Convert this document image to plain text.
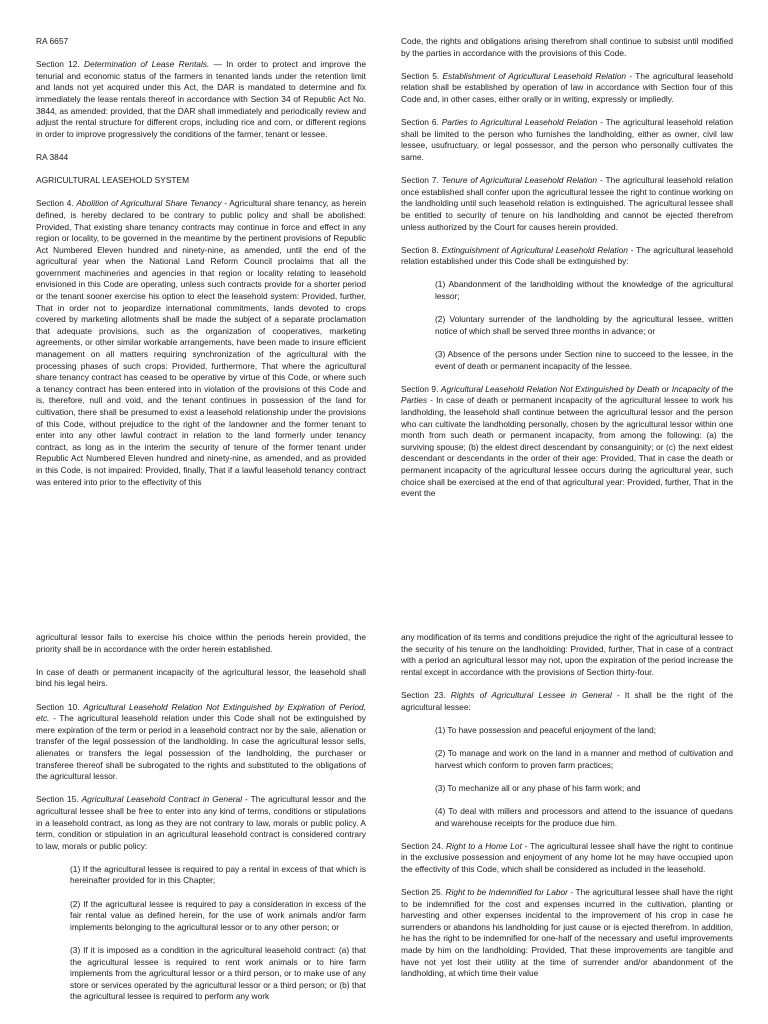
RA 6657
Section 12. Determination of Lease Rentals. — In order to protect and improve the tenurial and economic status of the farmers in tenanted lands under the retention limit and lands not yet acquired under this Act, the DAR is mandated to determine and fix immediately the lease rentals thereof in accordance with Section 34 of Republic Act No. 3844, as amended: provided, that the DAR shall immediately and periodically review and adjust the rental structure for different crops, including rice and corn, or different regions in order to improve progressively the conditions of the farmer, tenant or lessee.
RA 3844
AGRICULTURAL LEASEHOLD SYSTEM
Section 4. Abolition of Agricultural Share Tenancy - Agricultural share tenancy, as herein defined, is hereby declared to be contrary to public policy and shall be abolished: Provided, That existing share tenancy contracts may continue in force and effect in any region or locality, to be governed in the meantime by the pertinent provisions of Republic Act Numbered Eleven hundred and ninety-nine, as amended, until the end of the agricultural year when the National Land Reform Council proclaims that all the government machineries and agencies in that region or locality relating to leasehold envisioned in this Code are operating, unless such contracts provide for a shorter period or the tenant sooner exercise his option to elect the leasehold system: Provided, further, That in order not to jeopardize international commitments, lands devoted to crops covered by marketing allotments shall be made the subject of a separate proclamation that adequate provisions, such as the organization of cooperatives, marketing agreements, or other similar workable arrangements, have been made to insure efficient management on all matters requiring synchronization of the agricultural with the processing phases of such crops: Provided, furthermore, That where the agricultural share tenancy contract has ceased to be operative by virtue of this Code, or where such a tenancy contract has been entered into in violation of the provisions of this Code and is, therefore, null and void, and the tenant continues in possession of the land for cultivation, there shall be presumed to exist a leasehold relationship under the provisions of this Code, without prejudice to the right of the landowner and the former tenant to enter into any other lawful contract in relation to the land formerly under tenancy contract, as long as in the interim the security of tenure of the former tenant under Republic Act Numbered Eleven hundred and ninety-nine, as amended, and as provided in this Code, is not impaired: Provided, finally, That if a lawful leasehold tenancy contract was entered into prior to the effectivity of this
Code, the rights and obligations arising therefrom shall continue to subsist until modified by the parties in accordance with the provisions of this Code.
Section 5. Establishment of Agricultural Leasehold Relation - The agricultural leasehold relation shall be established by operation of law in accordance with Section four of this Code and, in other cases, either orally or in writing, expressly or impliedly.
Section 6. Parties to Agricultural Leasehold Relation - The agricultural leasehold relation shall be limited to the person who furnishes the landholding, either as owner, civil law lessee, usufructuary, or legal possessor, and the person who personally cultivates the same.
Section 7. Tenure of Agricultural Leasehold Relation - The agricultural leasehold relation once established shall confer upon the agricultural lessee the right to continue working on the landholding until such leasehold relation is extinguished. The agricultural lessee shall be entitled to security of tenure on his landholding and cannot be ejected therefrom unless authorized by the Court for causes herein provided.
Section 8. Extinguishment of Agricultural Leasehold Relation - The agricultural leasehold relation established under this Code shall be extinguished by:
(1) Abandonment of the landholding without the knowledge of the agricultural lessor;
(2) Voluntary surrender of the landholding by the agricultural lessee, written notice of which shall be served three months in advance; or
(3) Absence of the persons under Section nine to succeed to the lessee, in the event of death or permanent incapacity of the lessee.
Section 9. Agricultural Leasehold Relation Not Extinguished by Death or Incapacity of the Parties - In case of death or permanent incapacity of the agricultural lessee to work his landholding, the leasehold shall continue between the agricultural lessor and the person who can cultivate the landholding personally, chosen by the agricultural lessor within one month from such death or permanent incapacity, from among the following: (a) the surviving spouse; (b) the eldest direct descendant by consanguinity; or (c) the next eldest descendant or descendants in the order of their age: Provided, That in case the death or permanent incapacity of the agricultural lessee occurs during the agricultural year, such choice shall be exercised at the end of that agricultural year: Provided, further, That in the event the
agricultural lessor fails to exercise his choice within the periods herein provided, the priority shall be in accordance with the order herein established.
In case of death or permanent incapacity of the agricultural lessor, the leasehold shall bind his legal heirs.
Section 10. Agricultural Leasehold Relation Not Extinguished by Expiration of Period, etc. - The agricultural leasehold relation under this Code shall not be extinguished by mere expiration of the term or period in a leasehold contract nor by the sale, alienation or transfer of the legal possession of the landholding. In case the agricultural lessor sells, alienates or transfers the legal possession of the landholding, the purchaser or transferee thereof shall be subrogated to the rights and substituted to the obligations of the agricultural lessor.
Section 15. Agricultural Leasehold Contract in General - The agricultural lessor and the agricultural lessee shall be free to enter into any kind of terms, conditions or stipulations in a leasehold contract, as long as they are not contrary to law, morals or public policy. A term, condition or stipulation in an agricultural leasehold contract is considered contrary to law, morals or public policy:
(1) If the agricultural lessee is required to pay a rental in excess of that which is hereinafter provided for in this Chapter;
(2) If the agricultural lessee is required to pay a consideration in excess of the fair rental value as defined herein, for the use of work animals and/or farm implements belonging to the agricultural lessor or to any other person; or
(3) If it is imposed as a condition in the agricultural leasehold contract: (a) that the agricultural lessee is required to rent work animals or to hire farm implements from the agricultural lessor or a third person, or to make use of any store or services operated by the agricultural lessor or a third person; or (b) that the agricultural lessee is required to perform any work
any modification of its terms and conditions prejudice the right of the agricultural lessee to the security of his tenure on the landholding: Provided, further, That in case of a contract with a period an agricultural lessor may not, upon the expiration of the period increase the rental except in accordance with the provisions of Section thirty-four.
Section 23. Rights of Agricultural Lessee in General - It shall be the right of the agricultural lessee:
(1) To have possession and peaceful enjoyment of the land;
(2) To manage and work on the land in a manner and method of cultivation and harvest which conform to proven farm practices;
(3) To mechanize all or any phase of his farm work; and
(4) To deal with millers and processors and attend to the issuance of quedans and warehouse receipts for the produce due him.
Section 24. Right to a Home Lot - The agricultural lessee shall have the right to continue in the exclusive possession and enjoyment of any home lot he may have occupied upon the effectivity of this Code, which shall be considered as included in the leasehold.
Section 25. Right to be Indemnified for Labor - The agricultural lessee shall have the right to be indemnified for the cost and expenses incurred in the cultivation, planting or harvesting and other expenses incidental to the improvement of his crop in case he surrenders or abandons his landholding for just cause or is ejected therefrom. In addition, he has the right to be indemnified for one-half of the necessary and useful improvements made by him on the landholding: Provided, That these improvements are tangible and have not yet lost their utility at the time of surrender and/or abandonment of the landholding, at which time their value
